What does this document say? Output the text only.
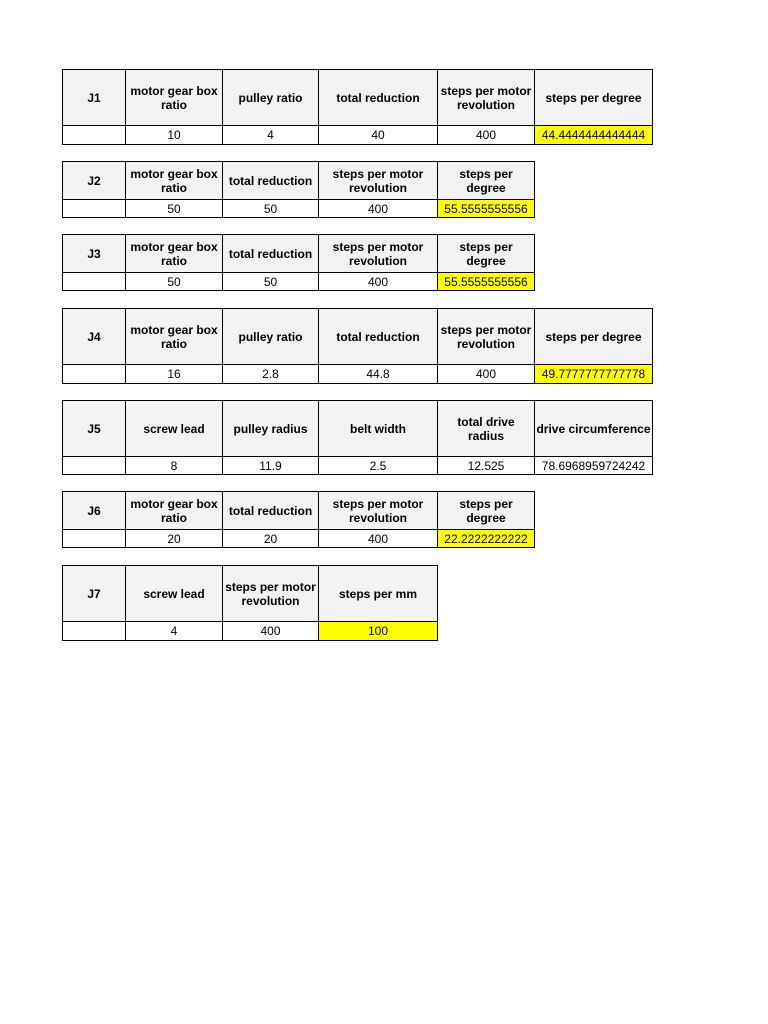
J1	motor gear box ratio	pulley ratio	total reduction	steps per motor revolution	steps per degree
	10	4	40	400	44.4444444444444
J2	motor gear box ratio	total reduction	steps per motor revolution	steps per degree
	50	50	400	55.5555555556
J3	motor gear box ratio	total reduction	steps per motor revolution	steps per degree
	50	50	400	55.5555555556
J4	motor gear box ratio	pulley ratio	total reduction	steps per motor revolution	steps per degree
	16	2.8	44.8	400	49.7777777777778
J5	screw lead	pulley radius	belt width	total drive radius	drive circumference
	8	11.9	2.5	12.525	78.6968959724242
J6	motor gear box ratio	total reduction	steps per motor revolution	steps per degree
	20	20	400	22.2222222222
J7	screw lead	steps per motor revolution	steps per mm
	4	400	100
